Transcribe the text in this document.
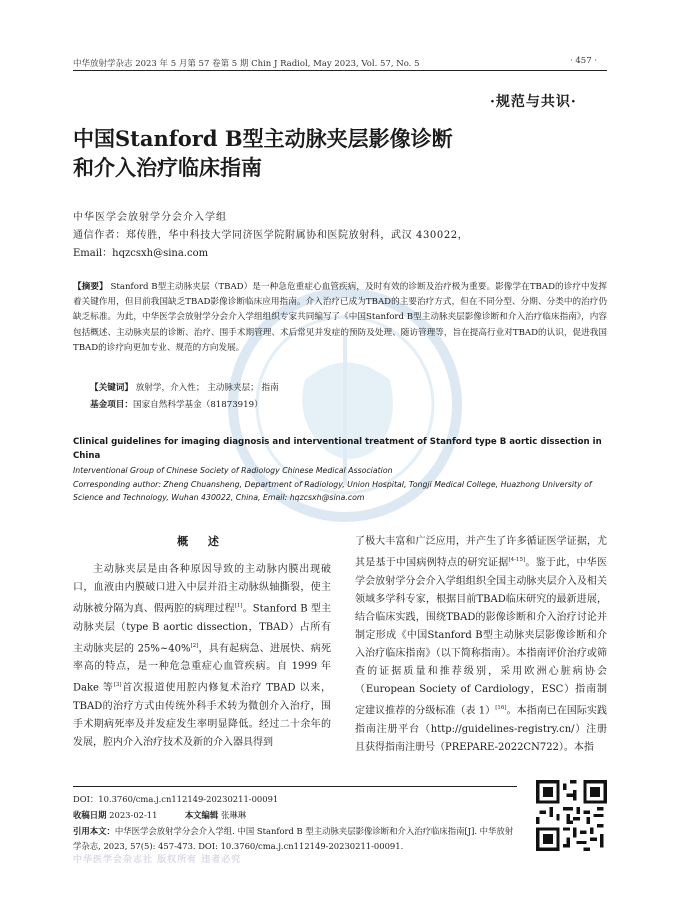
中华放射学杂志 2023 年 5 月第 57 卷第 5 期 Chin J Radiol, May 2023, Vol. 57, No. 5	· 457 ·
·规范与共识·
中国Stanford B型主动脉夹层影像诊断
和介入治疗临床指南
中华医学会放射学分会介入学组
通信作者：郑传胜，华中科技大学同济医学院附属协和医院放射科，武汉 430022，
Email：hqzcsxh@sina.com
【摘要】 Stanford B型主动脉夹层（TBAD）是一种急危重症心血管疾病，及时有效的诊断及治疗极为重要。影像学在TBAD的诊疗中发挥着关键作用，但目前我国缺乏TBAD影像诊断临床应用指南。介入治疗已成为TBAD的主要治疗方式，但在不同分型、分期、分类中的治疗仍缺乏标准。为此，中华医学会放射学分会介入学组组织专家共同编写了《中国Stanford B型主动脉夹层影像诊断和介入治疗临床指南》，内容包括概述、主动脉夹层的诊断、治疗、围手术期管理、术后常见并发症的预防及处理、随访管理等，旨在提高行业对TBAD的认识，促进我国TBAD的诊疗向更加专业、规范的方向发展。
【关键词】 放射学，介入性； 主动脉夹层； 指南
基金项目：国家自然科学基金（81873919）
Clinical guidelines for imaging diagnosis and interventional treatment of Stanford type B aortic dissection in China
Interventional Group of Chinese Society of Radiology Chinese Medical Association
Corresponding author: Zheng Chuansheng, Department of Radiology, Union Hospital, Tongji Medical College, Huazhong University of Science and Technology, Wuhan 430022, China, Email: hqzcsxh@sina.com
概 述

主动脉夹层是由各种原因导致的主动脉内膜出现破口，血液由内膜破口进入中层并沿主动脉纵轴撕裂，使主动脉被分隔为真、假两腔的病理过程[1]。Stanford B 型主动脉夹层（type B aortic dissection，TBAD）占所有主动脉夹层的 25%~40%[2]，具有起病急、进展快、病死率高的特点，是一种危急重症心血管疾病。自 1999 年 Dake 等[3]首次报道使用腔内修复术治疗 TBAD 以来，TBAD的治疗方式由传统外科手术转为微创介入治疗，围手术期病死率及并发症发生率明显降低。经过二十余年的发展，腔内介入治疗技术及新的介入器具得到

了极大丰富和广泛应用，并产生了许多循证医学证据，尤其是基于中国病例特点的研究证据[4-15]。鉴于此，中华医学会放射学分会介入学组组织全国主动脉夹层介入及相关领域多学科专家，根据目前TBAD临床研究的最新进展，结合临床实践，围绕TBAD的影像诊断和介入治疗讨论并制定形成《中国Stanford B型主动脉夹层影像诊断和介入治疗临床指南》（以下简称指南）。本指南评价治疗或筛查的证据质量和推荐级别，采用欧洲心脏病协会（European Society of Cardiology，ESC）指南制定建议推荐的分级标准（表 1）[16]。本指南已在国际实践指南注册平台（http://guidelines-registry.cn/）注册且获得指南注册号（PREPARE-2022CN722）。本指

DOI：10.3760/cma.j.cn112149-20230211-00091
收稿日期 2023-02-11	本文编辑 张琳琳
引用本文：中华医学会放射学分会介入学组. 中国 Stanford B 型主动脉夹层影像诊断和介入治疗临床指南[J]. 中华放射学杂志, 2023, 57(5): 457-473. DOI: 10.3760/cma.j.cn112149-20230211-00091.
中华医学会杂志社 版权所有 违者必究
